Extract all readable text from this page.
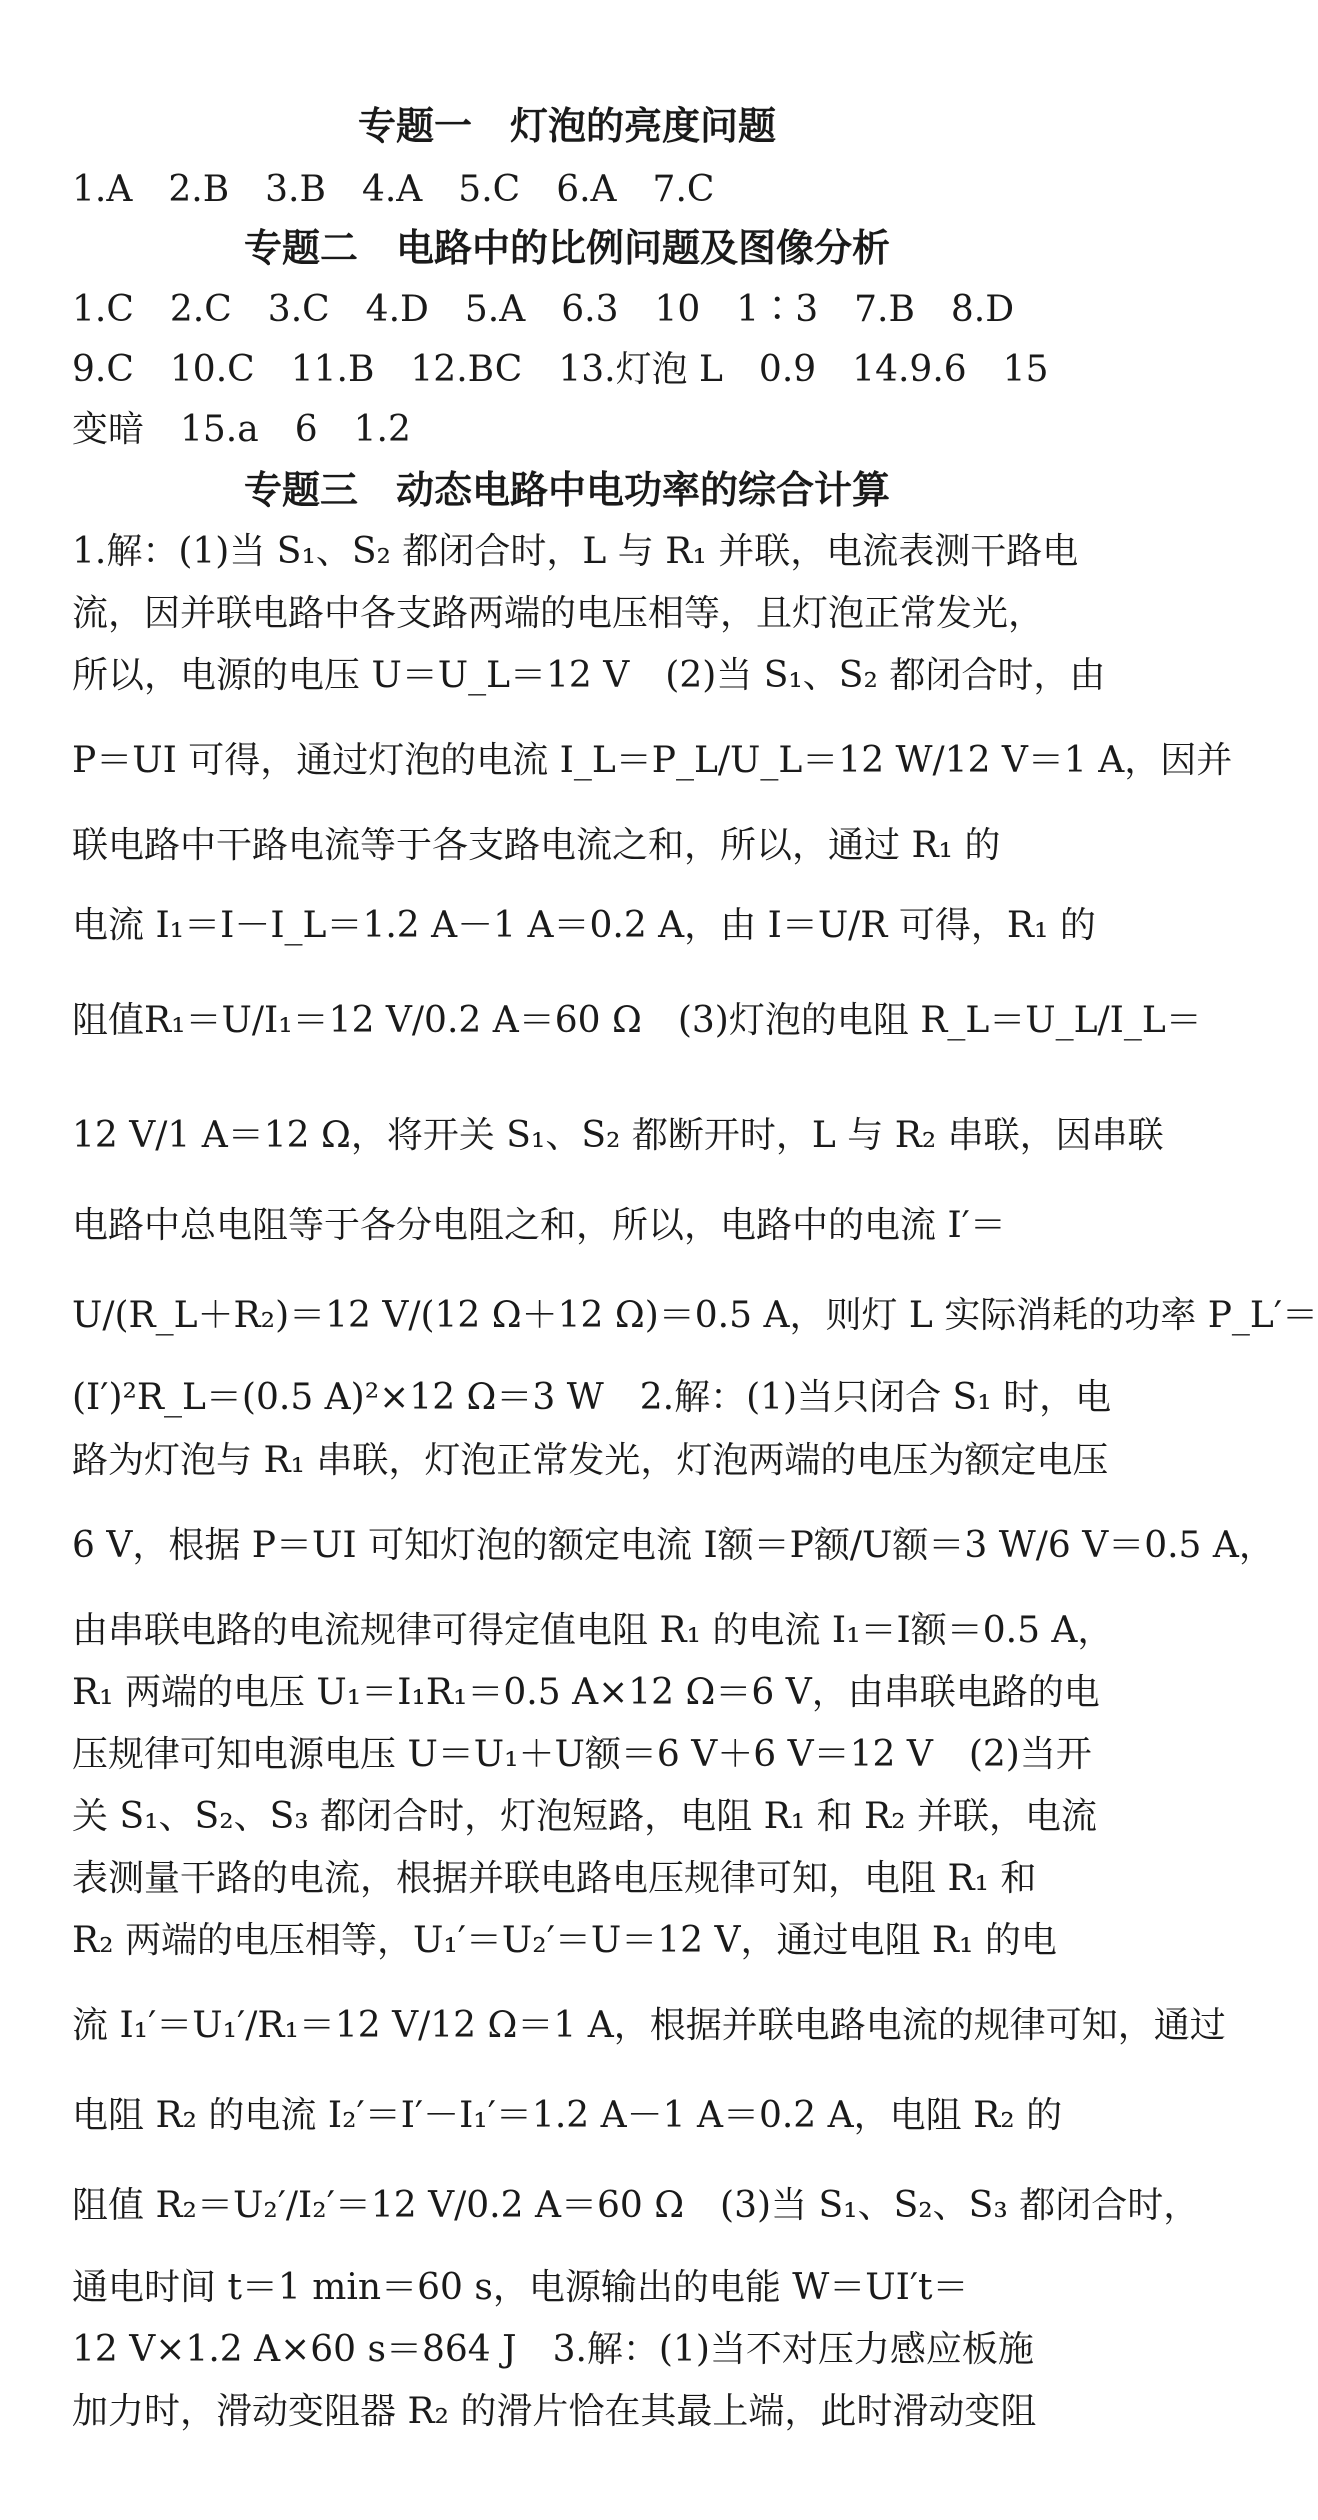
专题一　灯泡的亮度问题
1.A　2.B　3.B　4.A　5.C　6.A　7.C
专题二　电路中的比例问题及图像分析
1.C　2.C　3.C　4.D　5.A　6.3　10　1∶3　7.B　8.D
9.C　10.C　11.B　12.BC　13.灯泡 L　0.9　14.9.6　15
变暗　15.a　6　1.2
专题三　动态电路中电功率的综合计算
1.解：(1)当 S₁、S₂ 都闭合时，L 与 R₁ 并联，电流表测干路电
流，因并联电路中各支路两端的电压相等，且灯泡正常发光，
所以，电源的电压 U＝U_L＝12 V　(2)当 S₁、S₂ 都闭合时，由
P＝UI 可得，通过灯泡的电流 I_L＝P_L/U_L＝12 W/12 V＝1 A，因并
联电路中干路电流等于各支路电流之和，所以，通过 R₁ 的
电流 I₁＝I－I_L＝1.2 A－1 A＝0.2 A，由 I＝U/R 可得，R₁ 的
阻值R₁＝U/I₁＝12 V/0.2 A＝60 Ω　(3)灯泡的电阻 R_L＝U_L/I_L＝
12 V/1 A＝12 Ω，将开关 S₁、S₂ 都断开时，L 与 R₂ 串联，因串联
电路中总电阻等于各分电阻之和，所以，电路中的电流 I′＝
U/(R_L＋R₂)＝12 V/(12 Ω＋12 Ω)＝0.5 A，则灯 L 实际消耗的功率 P_L′＝
(I′)²R_L＝(0.5 A)²×12 Ω＝3 W　2.解：(1)当只闭合 S₁ 时，电
路为灯泡与 R₁ 串联，灯泡正常发光，灯泡两端的电压为额定电压
6 V，根据 P＝UI 可知灯泡的额定电流 I额＝P额/U额＝3 W/6 V＝0.5 A，
由串联电路的电流规律可得定值电阻 R₁ 的电流 I₁＝I额＝0.5 A，
R₁ 两端的电压 U₁＝I₁R₁＝0.5 A×12 Ω＝6 V，由串联电路的电
压规律可知电源电压 U＝U₁＋U额＝6 V＋6 V＝12 V　(2)当开
关 S₁、S₂、S₃ 都闭合时，灯泡短路，电阻 R₁ 和 R₂ 并联，电流
表测量干路的电流，根据并联电路电压规律可知，电阻 R₁ 和
R₂ 两端的电压相等，U₁′＝U₂′＝U＝12 V，通过电阻 R₁ 的电
流 I₁′＝U₁′/R₁＝12 V/12 Ω＝1 A，根据并联电路电流的规律可知，通过
电阻 R₂ 的电流 I₂′＝I′－I₁′＝1.2 A－1 A＝0.2 A，电阻 R₂ 的
阻值 R₂＝U₂′/I₂′＝12 V/0.2 A＝60 Ω　(3)当 S₁、S₂、S₃ 都闭合时，
通电时间 t＝1 min＝60 s，电源输出的电能 W＝UI′t＝
12 V×1.2 A×60 s＝864 J　3.解：(1)当不对压力感应板施
加力时，滑动变阻器 R₂ 的滑片恰在其最上端，此时滑动变阻
